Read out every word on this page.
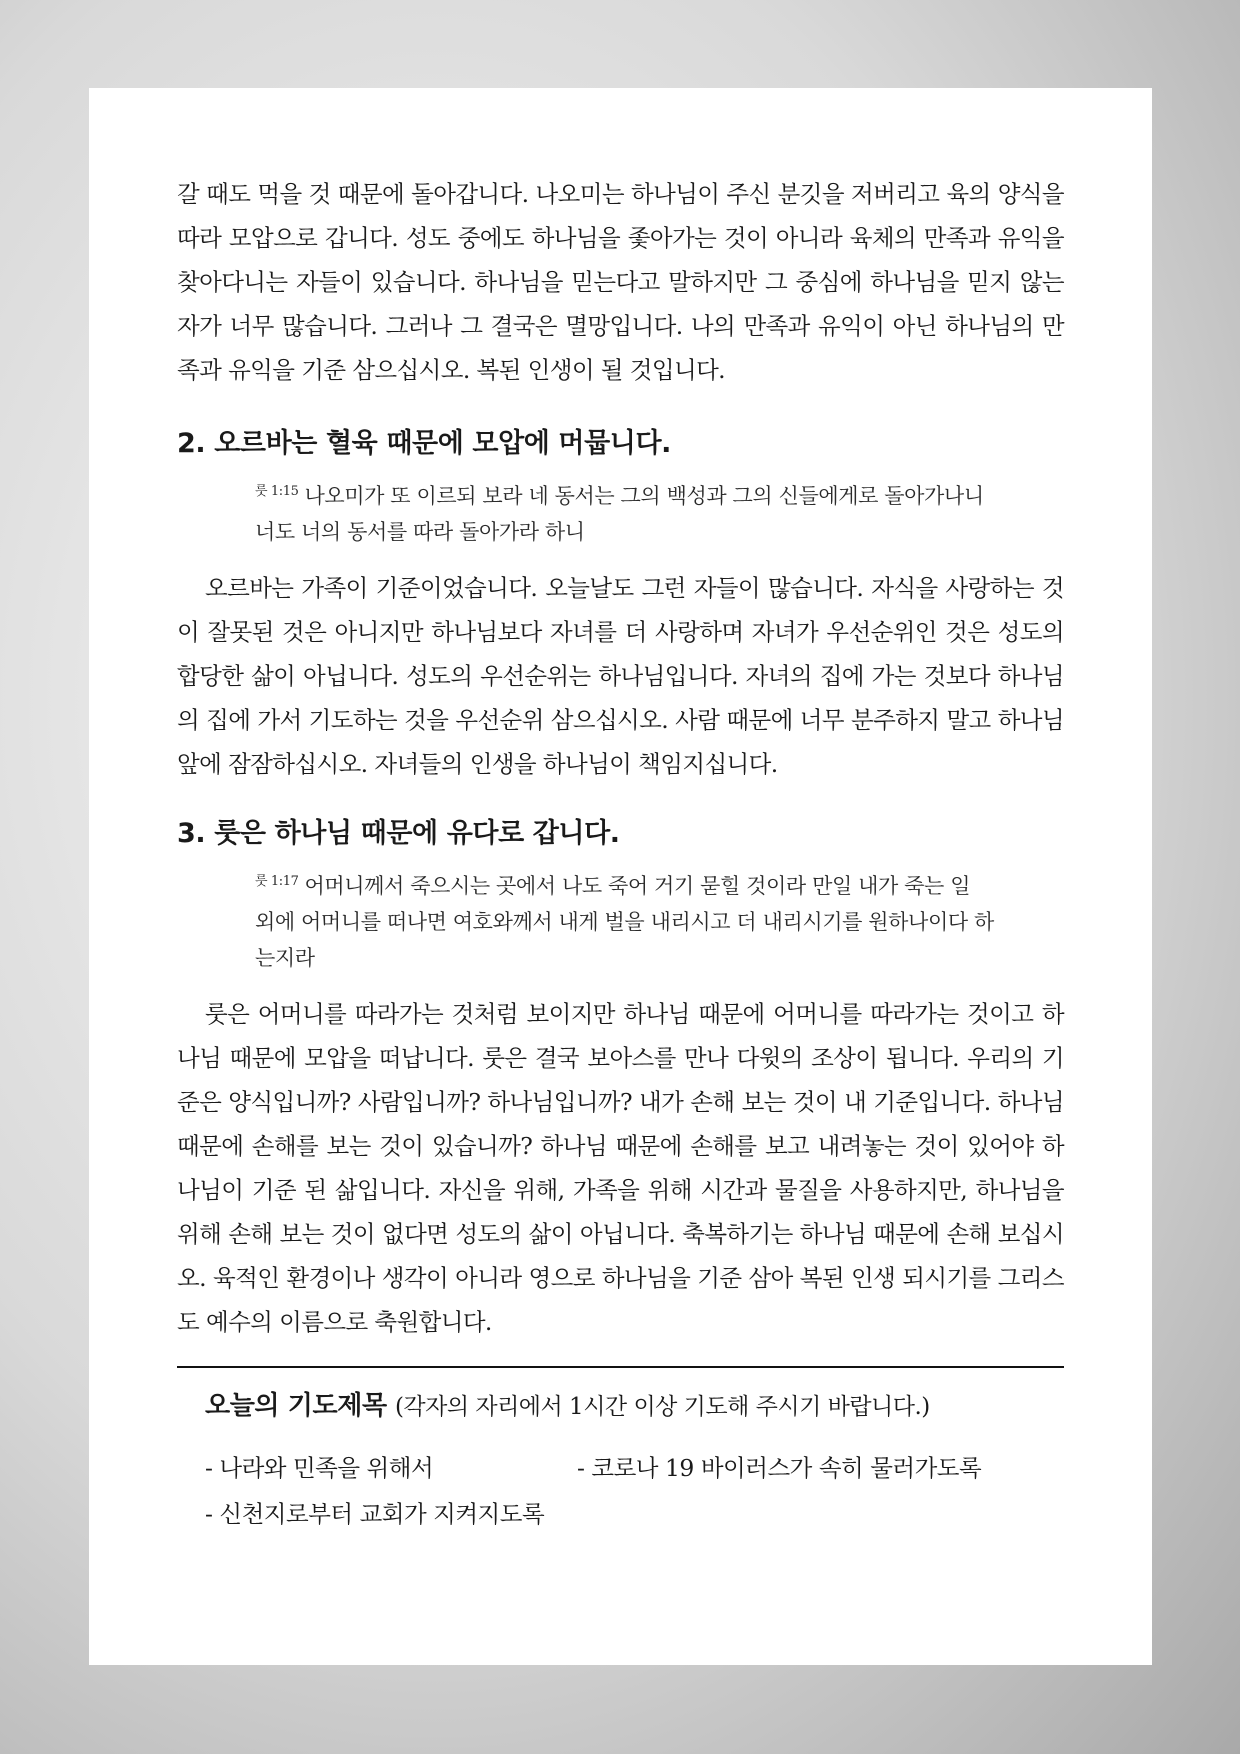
갈 때도 먹을 것 때문에 돌아갑니다. 나오미는 하나님이 주신 분깃을 저버리고 육의 양식을 따라 모압으로 갑니다. 성도 중에도 하나님을 좇아가는 것이 아니라 육체의 만족과 유익을 찾아다니는 자들이 있습니다. 하나님을 믿는다고 말하지만 그 중심에 하나님을 믿지 않는 자가 너무 많습니다. 그러나 그 결국은 멸망입니다. 나의 만족과 유익이 아닌 하나님의 만족과 유익을 기준 삼으십시오. 복된 인생이 될 것입니다.

2. 오르바는 혈육 때문에 모압에 머뭅니다.

$^{룻 1:15}$ 나오미가 또 이르되 보라 네 동서는 그의 백성과 그의 신들에게로 돌아가나니 너도 너의 동서를 따라 돌아가라 하니

오르바는 가족이 기준이었습니다. 오늘날도 그런 자들이 많습니다. 자식을 사랑하는 것이 잘못된 것은 아니지만 하나님보다 자녀를 더 사랑하며 자녀가 우선순위인 것은 성도의 합당한 삶이 아닙니다. 성도의 우선순위는 하나님입니다. 자녀의 집에 가는 것보다 하나님의 집에 가서 기도하는 것을 우선순위 삼으십시오. 사람 때문에 너무 분주하지 말고 하나님 앞에 잠잠하십시오. 자녀들의 인생을 하나님이 책임지십니다.

3. 룻은 하나님 때문에 유다로 갑니다.

$^{룻 1:17}$ 어머니께서 죽으시는 곳에서 나도 죽어 거기 묻힐 것이라 만일 내가 죽는 일 외에 어머니를 떠나면 여호와께서 내게 벌을 내리시고 더 내리시기를 원하나이다 하는지라

룻은 어머니를 따라가는 것처럼 보이지만 하나님 때문에 어머니를 따라가는 것이고 하나님 때문에 모압을 떠납니다. 룻은 결국 보아스를 만나 다윗의 조상이 됩니다. 우리의 기준은 양식입니까? 사람입니까? 하나님입니까? 내가 손해 보는 것이 내 기준입니다. 하나님 때문에 손해를 보는 것이 있습니까? 하나님 때문에 손해를 보고 내려놓는 것이 있어야 하나님이 기준 된 삶입니다. 자신을 위해, 가족을 위해 시간과 물질을 사용하지만, 하나님을 위해 손해 보는 것이 없다면 성도의 삶이 아닙니다. 축복하기는 하나님 때문에 손해 보십시오. 육적인 환경이나 생각이 아니라 영으로 하나님을 기준 삼아 복된 인생 되시기를 그리스도 예수의 이름으로 축원합니다.

오늘의 기도제목 (각자의 자리에서 1시간 이상 기도해 주시기 바랍니다.)

- 나라와 민족을 위해서	- 코로나 19 바이러스가 속히 물러가도록
- 신천지로부터 교회가 지켜지도록
